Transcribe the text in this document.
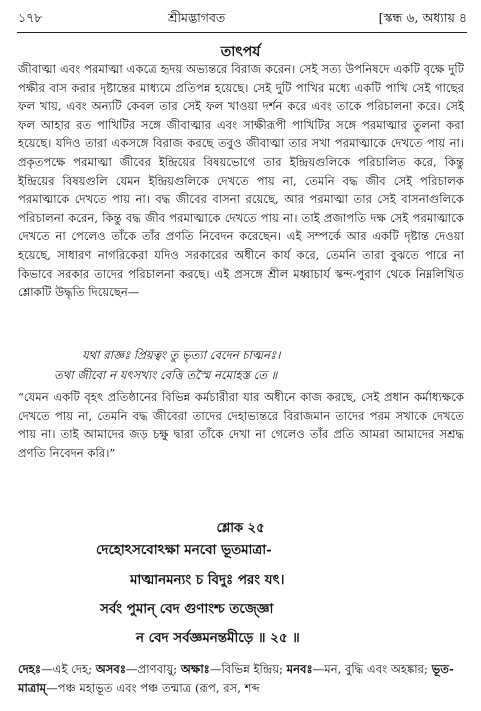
১৭৮	শ্রীমদ্ভাগবত	[স্কন্ধ ৬, অধ্যায় ৪
তাৎপর্য
জীবাত্মা এবং পরমাত্মা একত্রে হৃদয় অভ্যন্তরে বিরাজ করেন। সেই সত্য উপনিষদে একটি বৃক্ষে দুটি পক্ষীর বাস করার দৃষ্টান্তের মাধ্যমে প্রতিপন্ন হয়েছে। সেই দুটি পাখির মধ্যে একটি পাখি সেই গাছের ফল খায়, এবং অন্যটি কেবল তার সেই ফল খাওয়া দর্শন করে এবং তাকে পরিচালনা করে। সেই ফল আহার রত পাখিটির সঙ্গে জীবাত্মার এবং সাক্ষীরূপী পাখিটির সঙ্গে পরমাত্মার তুলনা করা হয়েছে। যদিও তারা একসঙ্গে বিরাজ করছে তবুও জীবাত্মা তার সখা পরমাত্মাকে দেখতে পায় না। প্রকৃতপক্ষে পরমাত্মা জীবের ইন্দ্রিয়ের বিষয়ভোগে তার ইন্দ্রিয়গুলিকে পরিচালিত করে, কিন্তু ইন্দ্রিয়ের বিষয়গুলি যেমন ইন্দ্রিয়গুলিকে দেখতে পায় না, তেমনি বদ্ধ জীব সেই পরিচালক পরমাত্মাকে দেখতে পায় না। বদ্ধ জীবের বাসনা রয়েছে, আর পরমাত্মা তার সেই বাসনাগুলিকে পরিচালনা করেন, কিন্তু বদ্ধ জীব পরমাত্মাকে দেখতে পায় না। তাই প্রজাপতি দক্ষ সেই পরমাত্মাকে দেখতে না পেলেও তাঁকে তাঁর প্রণতি নিবেদন করেছেন। এই সম্পর্কে আর একটি দৃষ্টান্ত দেওয়া হয়েছে, সাধারণ নাগরিকেরা যদিও সরকারের অধীনে কার্য করে, তেমনি তারা বুঝতে পারে না কিভাবে সরকার তাদের পরিচালনা করছে। এই প্রসঙ্গে শ্রীল মধ্বাচার্য স্কন্দ-পুরাণ থেকে নিম্নলিখিত শ্লোকটি উদ্ধৃতি দিয়েছেন—
যথা রাজ্ঞঃ প্রিয়ত্বং তু ভৃত্যা বেদেন চাত্মনঃ।
তথা জীবো ন যৎসখ্যং বেত্তি তস্মৈ নমোহস্ত তে ॥
“যেমন একটি বৃহৎ প্রতিষ্ঠানের বিভিন্ন কর্মচারীরা যার অধীনে কাজ করছে, সেই প্রধান কর্মাধ্যক্ষকে দেখতে পায় না, তেমনি বদ্ধ জীবেরা তাদের দেহাভ্যন্তরে বিরাজমান তাদের পরম সখাকে দেখতে পায় না। তাই আমাদের জড় চক্ষু দ্বারা তাঁকে দেখা না গেলেও তাঁর প্রতি আমরা আমাদের সশ্রদ্ধ প্রণতি নিবেদন করি।”
শ্লোক ২৫
দেহোঽসবোঽক্ষা মনবো ভূতমাত্রা-
মাত্মানমন্যং চ বিদুঃ পরং যৎ।
সর্বং পুমান্ বেদ গুণাংশ্চ তজ্জ্ঞো
ন বেদ সর্বজ্ঞমনন্তমীড়ে ॥ ২৫ ॥
দেহঃ—এই দেহ; অসবঃ—প্রাণবায়ু; অক্ষাঃ—বিভিন্ন ইন্দ্রিয়; মনবঃ—মন, বুদ্ধি এবং অহঙ্কার; ভূত-মাত্রাম্—পঞ্চ মহাভূত এবং পঞ্চ তন্মাত্র (রূপ, রস, শব্দ
